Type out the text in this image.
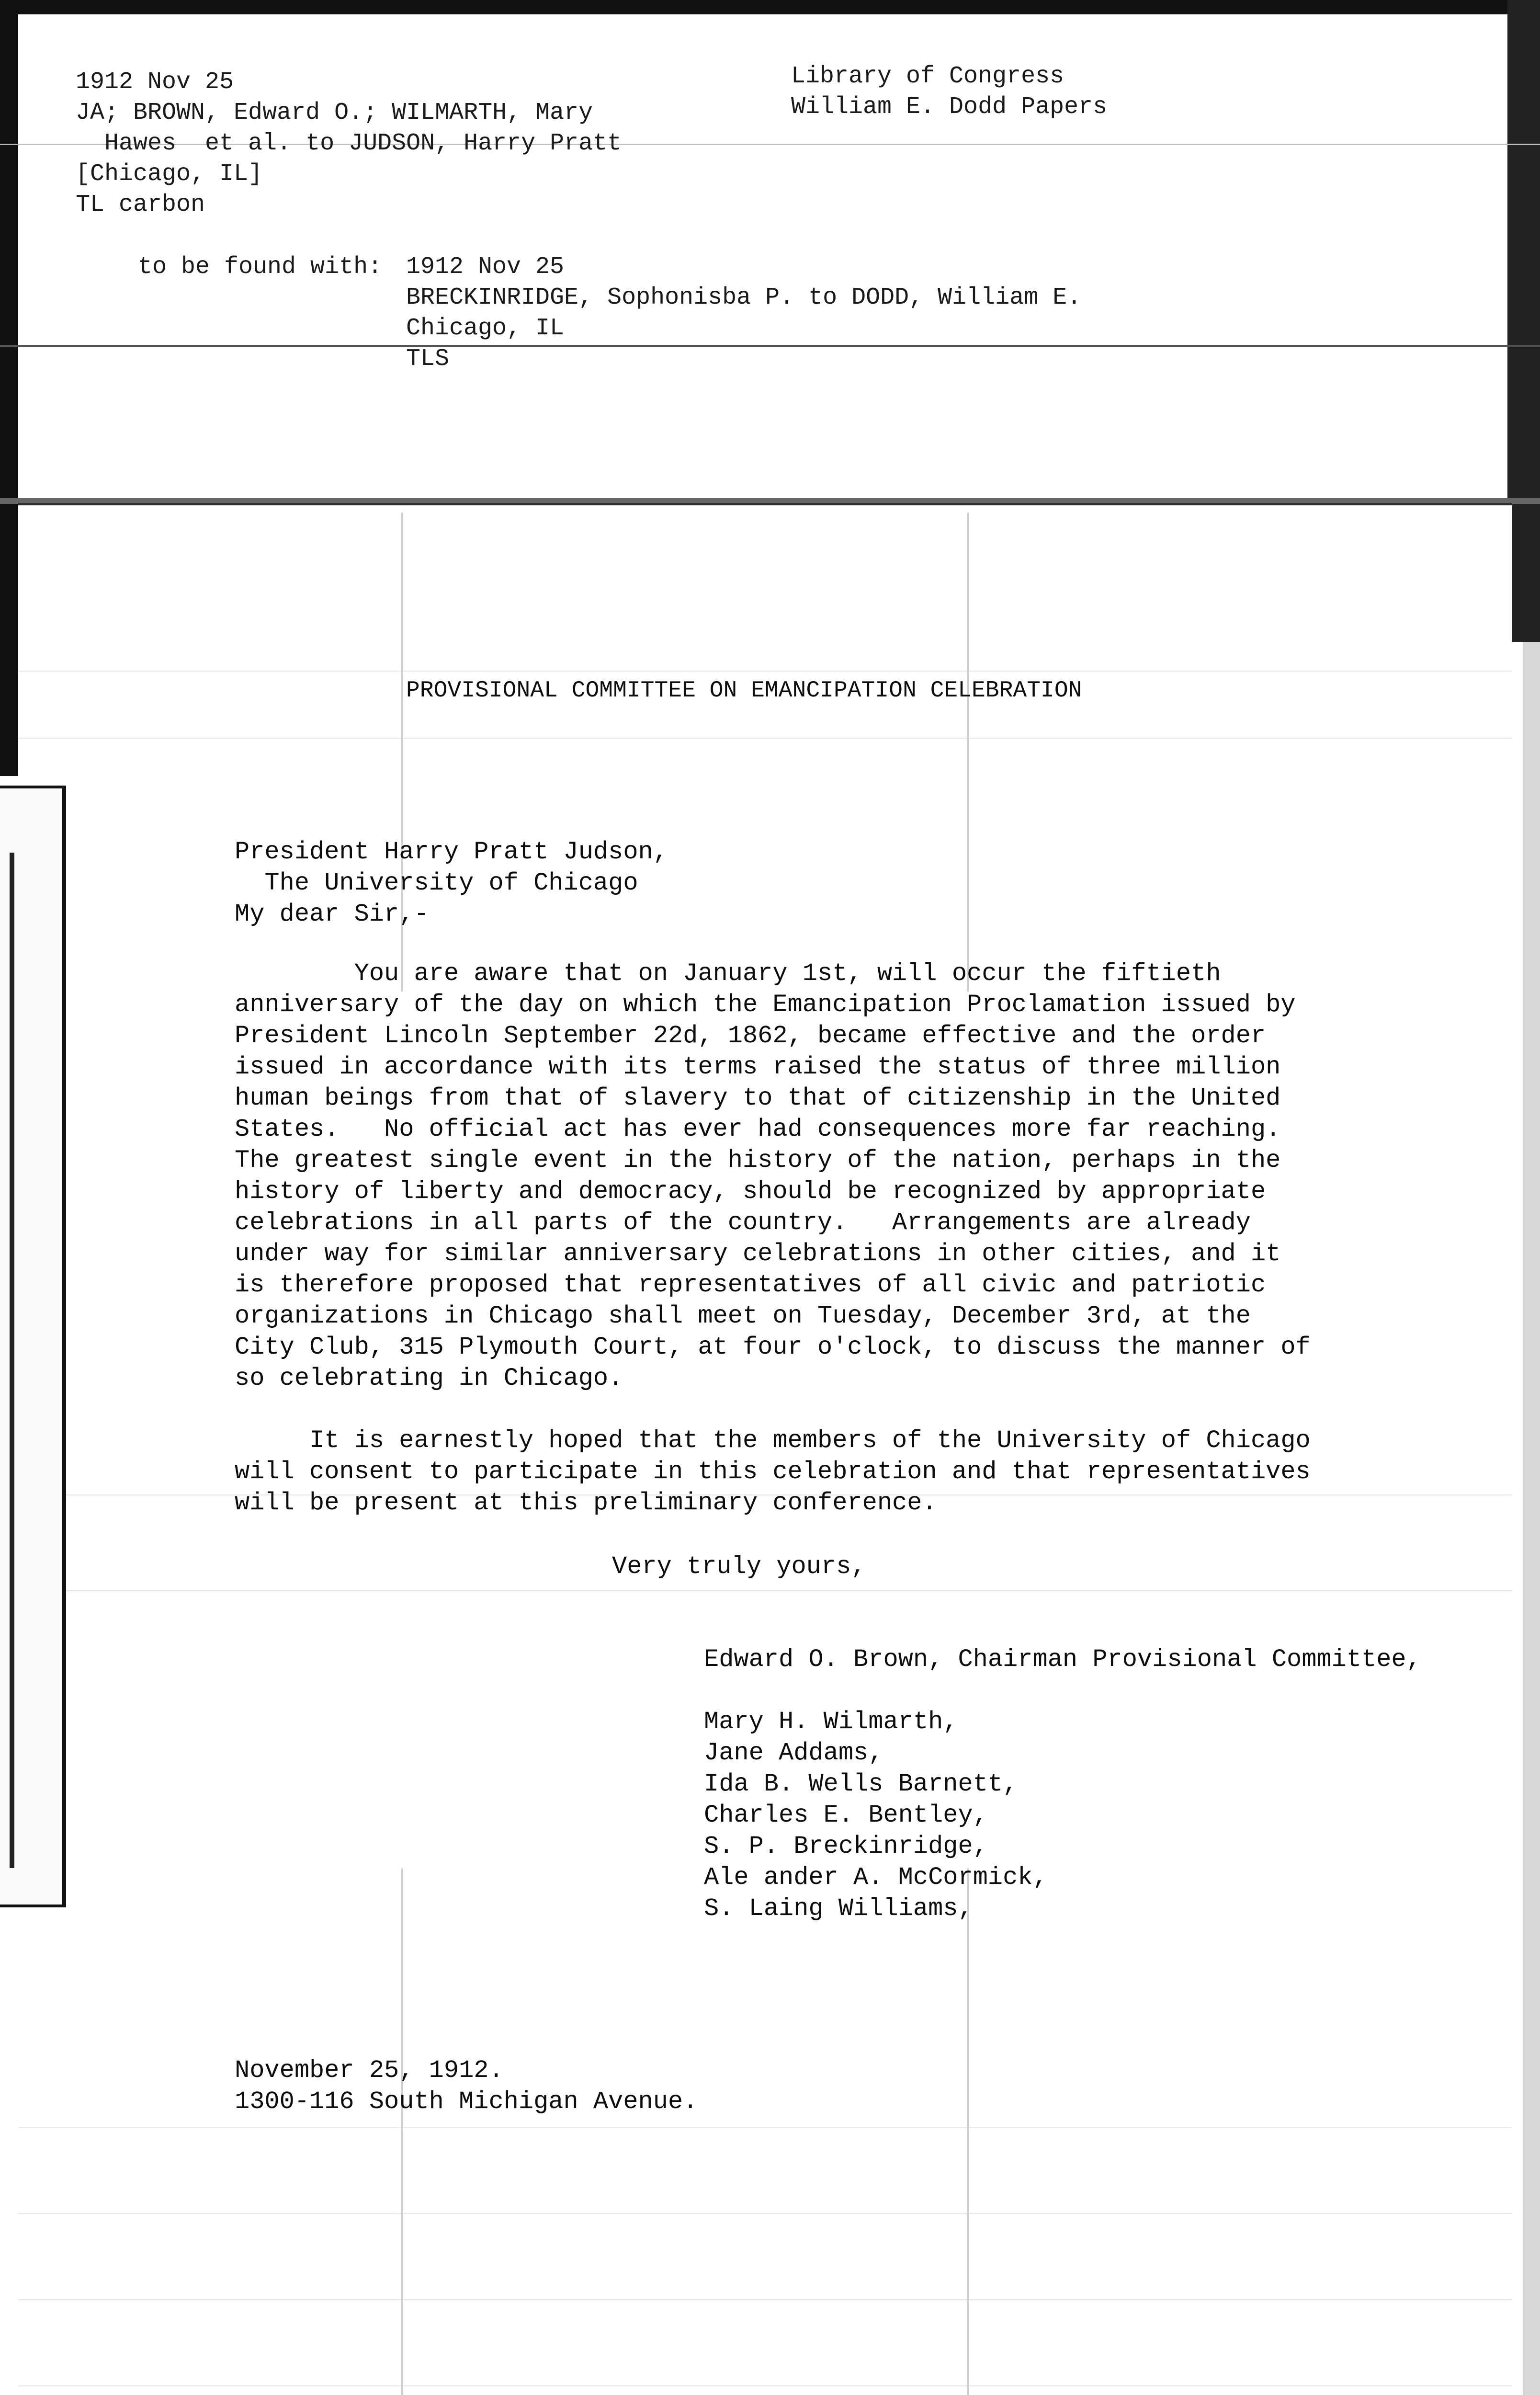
1912 Nov 25
JA; BROWN, Edward O.; WILMARTH, Mary
Hawes  et al. to JUDSON, Harry Pratt
[Chicago, IL]
TL carbon
Library of Congress
William E. Dodd Papers
to be found with: 1912 Nov 25
BRECKINRIDGE, Sophonisba P. to DODD, William E.
Chicago, IL
TLS
PROVISIONAL COMMITTEE ON EMANCIPATION CELEBRATION
President Harry Pratt Judson,
The University of Chicago
My dear Sir,-
You are aware that on January 1st, will occur the fiftieth
anniversary of the day on which the Emancipation Proclamation issued by
President Lincoln September 22d, 1862, became effective and the order
issued in accordance with its terms raised the status of three million
human beings from that of slavery to that of citizenship in the United
States.   No official act has ever had consequences more far reaching.
The greatest single event in the history of the nation, perhaps in the
history of liberty and democracy, should be recognized by appropriate
celebrations in all parts of the country.   Arrangements are already
under way for similar anniversary celebrations in other cities, and it
is therefore proposed that representatives of all civic and patriotic
organizations in Chicago shall meet on Tuesday, December 3rd, at the
City Club, 315 Plymouth Court, at four o'clock, to discuss the manner of
so celebrating in Chicago.
It is earnestly hoped that the members of the University of Chicago
will consent to participate in this celebration and that representatives
will be present at this preliminary conference.
Very truly yours,
Edward O. Brown, Chairman Provisional Committee,
Mary H. Wilmarth,
Jane Addams,
Ida B. Wells Barnett,
Charles E. Bentley,
S. P. Breckinridge,
Ale ander A. McCormick,
S. Laing Williams,
November 25, 1912.
1300-116 South Michigan Avenue.
